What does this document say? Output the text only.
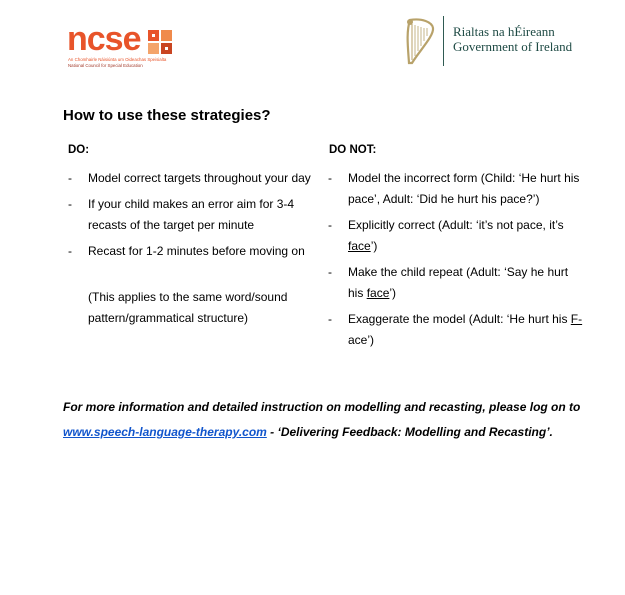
ncse
An Chomhairle Náisiúnta um Oideachas Speisialta
National Council for Special Education
Rialtas na hÉireann
Government of Ireland
How to use these strategies?
DO:	DO NOT:
- Model correct targets throughout your day
- If your child makes an error aim for 3-4 recasts of the target per minute
- Recast for 1-2 minutes before moving on
(This applies to the same word/sound pattern/grammatical structure)
- Model the incorrect form (Child: ‘He hurt his pace’, Adult: ‘Did he hurt his pace?’)
- Explicitly correct (Adult: ‘it’s not pace, it’s face’)
- Make the child repeat (Adult: ‘Say he hurt his face’)
- Exaggerate the model (Adult: ‘He hurt his F-ace’)
For more information and detailed instruction on modelling and recasting, please log on to www.speech-language-therapy.com - ‘Delivering Feedback: Modelling and Recasting’.
